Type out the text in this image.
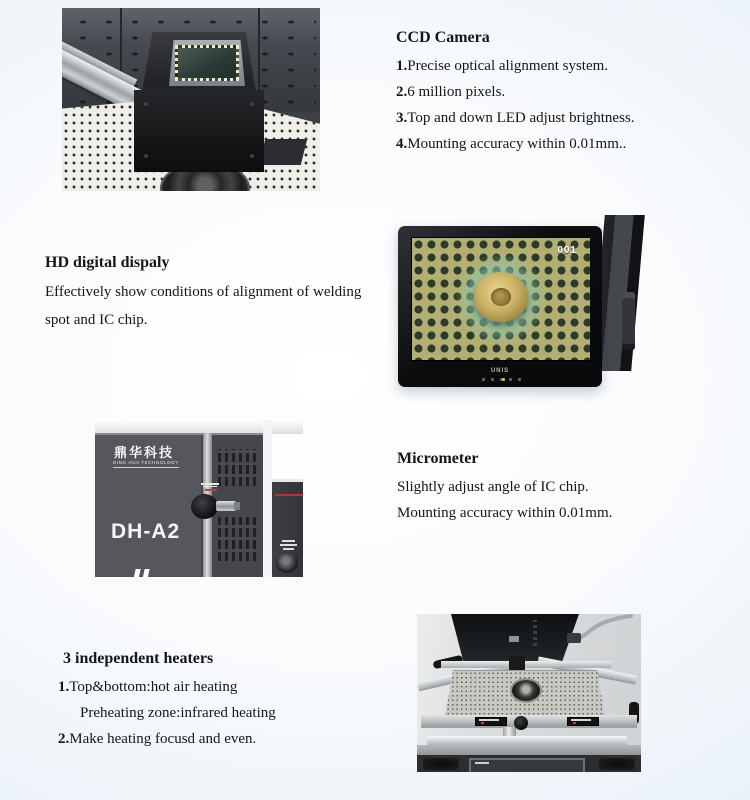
CCD Camera
1.Precise optical alignment system.
2.6 million pixels.
3.Top and down LED adjust brightness.
4.Mounting accuracy within 0.01mm..
HD digital dispaly
Effectively show conditions of alignment of welding
spot and IC chip.
001
UNIS
鼎华科技
DING HUA TECHNOLOGY
DH-A2
Micrometer
Slightly adjust angle of IC chip.
Mounting accuracy within 0.01mm.
3 independent heaters
1.Top&bottom:hot air heating
Preheating zone:infrared heating
2.Make heating focusd and even.
